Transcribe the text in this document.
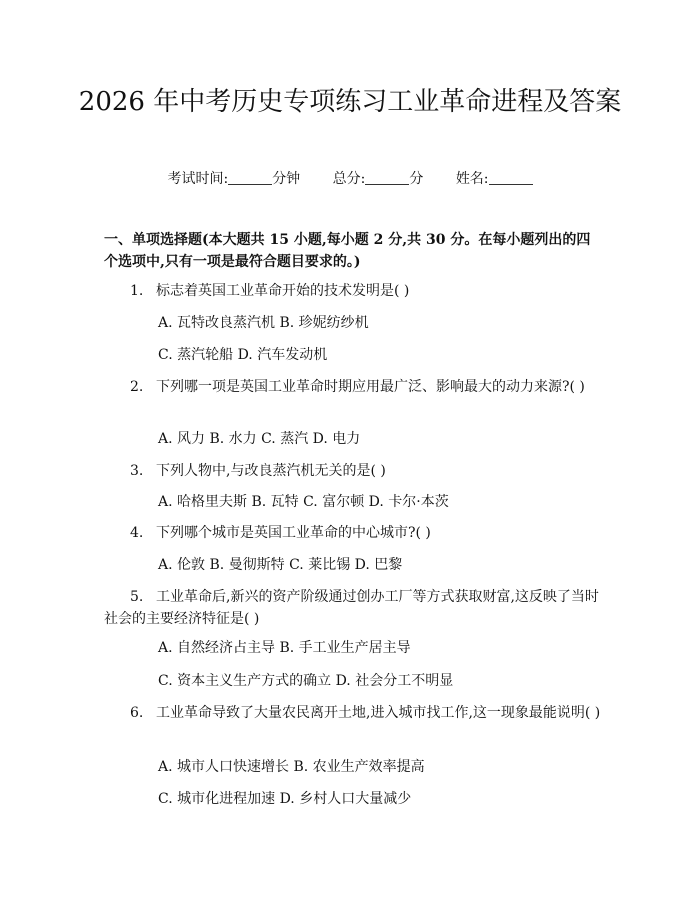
2026 年中考历史专项练习工业革命进程及答案
考试时间:	分钟 总分:	分 姓名:
一、单项选择题(本大题共 15 小题,每小题 2 分,共 30 分。在每小题列出的四个选项中,只有一项是最符合题目要求的。)
1. 标志着英国工业革命开始的技术发明是( )
A. 瓦特改良蒸汽机 B. 珍妮纺纱机
C. 蒸汽轮船 D. 汽车发动机
2. 下列哪一项是英国工业革命时期应用最广泛、影响最大的动力来源?( )
A. 风力 B. 水力 C. 蒸汽 D. 电力
3. 下列人物中,与改良蒸汽机无关的是( )
A. 哈格里夫斯 B. 瓦特 C. 富尔顿 D. 卡尔·本茨
4. 下列哪个城市是英国工业革命的中心城市?( )
A. 伦敦 B. 曼彻斯特 C. 莱比锡 D. 巴黎
5. 工业革命后,新兴的资产阶级通过创办工厂等方式获取财富,这反映了当时社会的主要经济特征是( )
A. 自然经济占主导 B. 手工业生产居主导
C. 资本主义生产方式的确立 D. 社会分工不明显
6. 工业革命导致了大量农民离开土地,进入城市找工作,这一现象最能说明( )
A. 城市人口快速增长 B. 农业生产效率提高
C. 城市化进程加速 D. 乡村人口大量减少
